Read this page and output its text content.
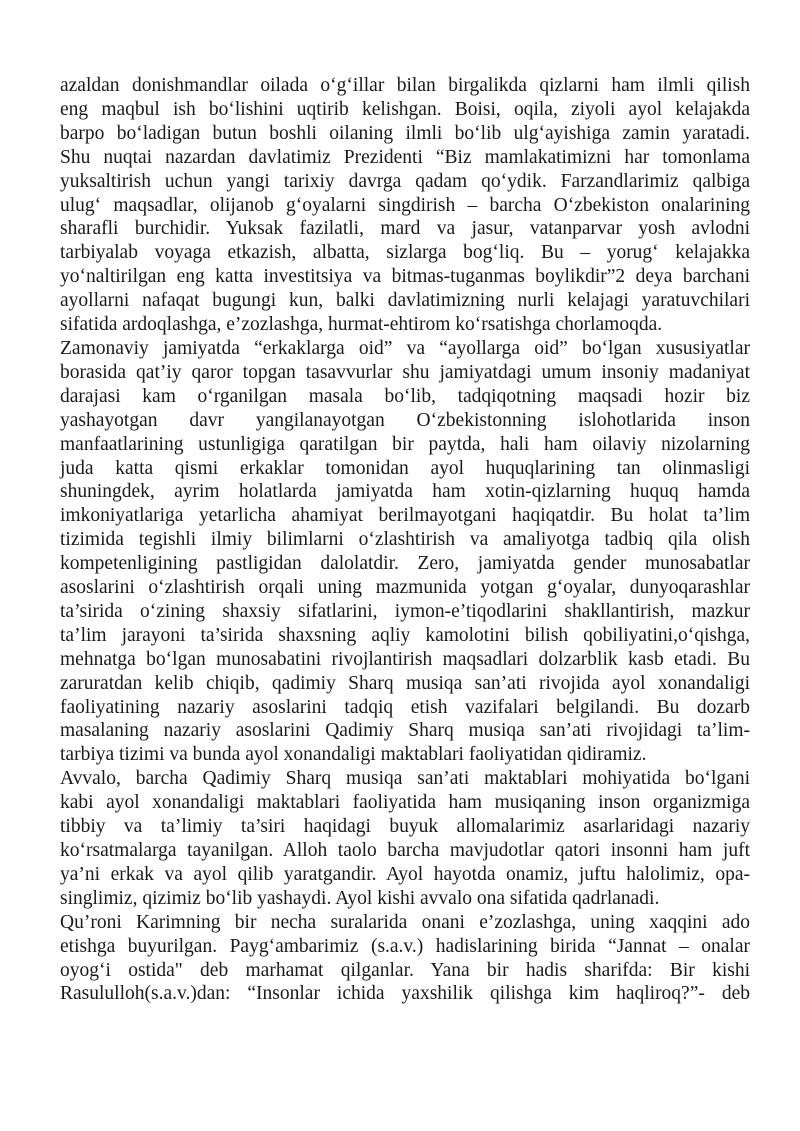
azaldan donishmandlar oilada o‘g‘illar bilan birgalikda qizlarni ham ilmli qilish
eng maqbul ish bo‘lishini uqtirib kelishgan. Boisi, oqila, ziyoli ayol kelajakda
barpo bo‘ladigan butun boshli oilaning ilmli bo‘lib ulg‘ayishiga zamin yaratadi.
Shu nuqtai nazardan davlatimiz Prezidenti “Biz mamlakatimizni har tomonlama
yuksaltirish uchun yangi tarixiy davrga qadam qo‘ydik. Farzandlarimiz qalbiga
ulug‘ maqsadlar, olijanob g‘oyalarni singdirish – barcha O‘zbekiston onalarining
sharafli burchidir. Yuksak fazilatli, mard va jasur, vatanparvar yosh avlodni
tarbiyalab voyaga etkazish, albatta, sizlarga bog‘liq. Bu – yorug‘ kelajakka
yo‘naltirilgan eng katta investitsiya va bitmas-tuganmas boylikdir”2 deya barchani
ayollarni nafaqat bugungi kun, balki davlatimizning nurli kelajagi yaratuvchilari
sifatida ardoqlashga, e’zozlashga, hurmat-ehtirom ko‘rsatishga chorlamoqda.
Zamonaviy jamiyatda “erkaklarga oid” va “ayollarga oid” bo‘lgan xususiyatlar
borasida qat’iy qaror topgan tasavvurlar shu jamiyatdagi umum insoniy madaniyat
darajasi kam o‘rganilgan masala bo‘lib, tadqiqotning maqsadi hozir biz
yashayotgan davr yangilanayotgan O‘zbekistonning islohotlarida inson
manfaatlarining ustunligiga qaratilgan bir paytda, hali ham oilaviy nizolarning
juda katta qismi erkaklar tomonidan ayol huquqlarining tan olinmasligi
shuningdek, ayrim holatlarda jamiyatda ham xotin-qizlarning huquq hamda
imkoniyatlariga yetarlicha ahamiyat berilmayotgani haqiqatdir. Bu holat ta’lim
tizimida tegishli ilmiy bilimlarni o‘zlashtirish va amaliyotga tadbiq qila olish
kompetenligining pastligidan dalolatdir. Zero, jamiyatda gender munosabatlar
asoslarini o‘zlashtirish orqali uning mazmunida yotgan g‘oyalar, dunyoqarashlar
ta’sirida o‘zining shaxsiy sifatlarini, iymon-e’tiqodlarini shakllantirish, mazkur
ta’lim jarayoni ta’sirida shaxsning aqliy kamolotini bilish qobiliyatini,o‘qishga,
mehnatga bo‘lgan munosabatini rivojlantirish maqsadlari dolzarblik kasb etadi. Bu
zaruratdan kelib chiqib, qadimiy Sharq musiqa san’ati rivojida ayol xonandaligi
faoliyatining nazariy asoslarini tadqiq etish vazifalari belgilandi. Bu dozarb
masalaning nazariy asoslarini Qadimiy Sharq musiqa san’ati rivojidagi ta’lim-
tarbiya tizimi va bunda ayol xonandaligi maktablari faoliyatidan qidiramiz.
Avvalo, barcha Qadimiy Sharq musiqa san’ati maktablari mohiyatida bo‘lgani
kabi ayol xonandaligi maktablari faoliyatida ham musiqaning inson organizmiga
tibbiy va ta’limiy ta’siri haqidagi buyuk allomalarimiz asarlaridagi nazariy
ko‘rsatmalarga tayanilgan. Alloh taolo barcha mavjudotlar qatori insonni ham juft
ya’ni erkak va ayol qilib yaratgandir. Ayol hayotda onamiz, juftu halolimiz, opa-
singlimiz, qizimiz bo‘lib yashaydi. Ayol kishi avvalo ona sifatida qadrlanadi.
Qu’roni Karimning bir necha suralarida onani e’zozlashga, uning xaqqini ado
etishga buyurilgan. Payg‘ambarimiz (s.a.v.) hadislarining birida “Jannat – onalar
oyog‘i ostida" deb marhamat qilganlar. Yana bir hadis sharifda: Bir kishi
Rasululloh(s.a.v.)dan: “Insonlar ichida yaxshilik qilishga kim haqliroq?”- deb
